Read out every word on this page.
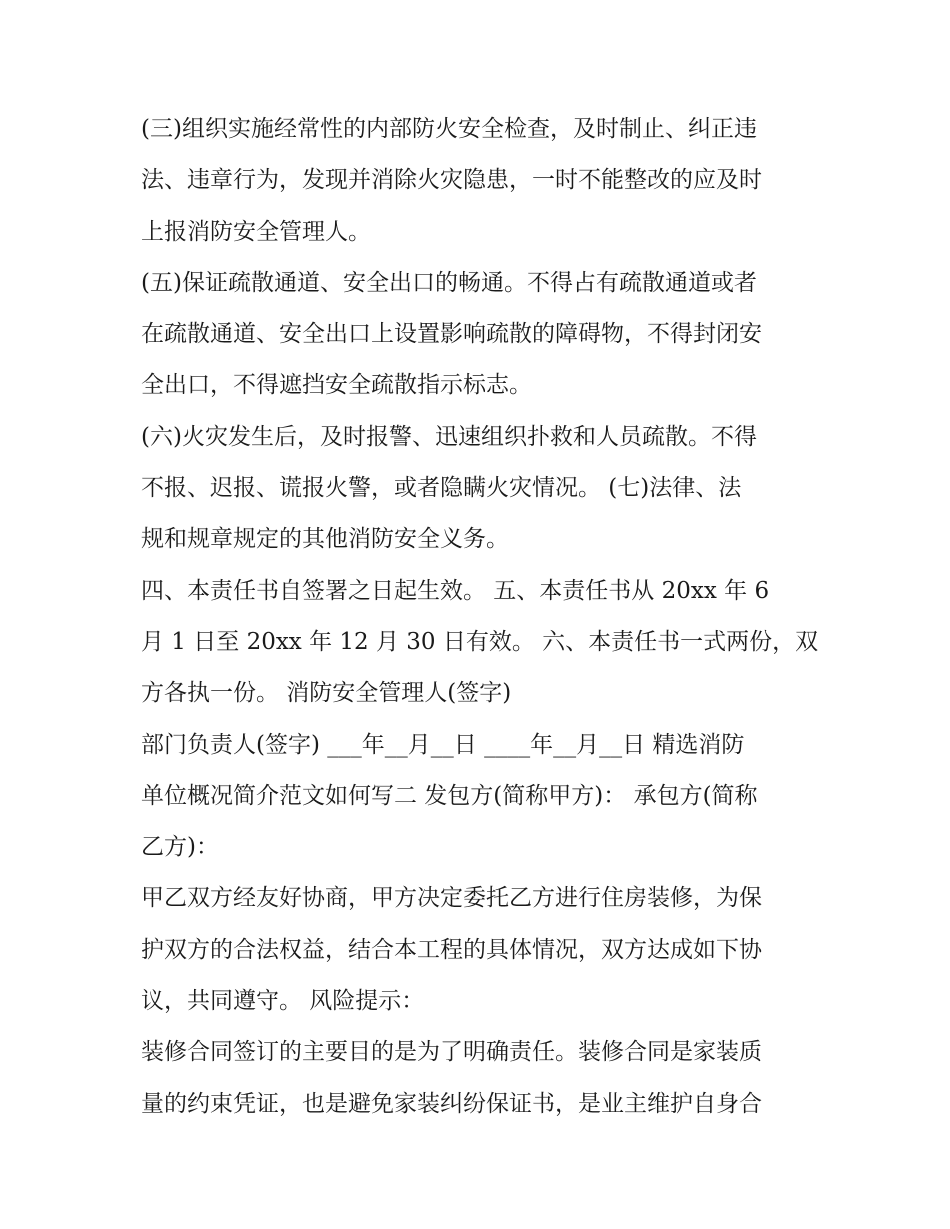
(三)组织实施经常性的内部防火安全检查，及时制止、纠正违
法、违章行为，发现并消除火灾隐患，一时不能整改的应及时
上报消防安全管理人。
(五)保证疏散通道、安全出口的畅通。不得占有疏散通道或者
在疏散通道、安全出口上设置影响疏散的障碍物，不得封闭安
全出口，不得遮挡安全疏散指示标志。
(六)火灾发生后，及时报警、迅速组织扑救和人员疏散。不得
不报、迟报、谎报火警，或者隐瞒火灾情况。 (七)法律、法
规和规章规定的其他消防安全义务。
四、本责任书自签署之日起生效。 五、本责任书从 20xx 年 6
月 1 日至 20xx 年 12 月 30 日有效。 六、本责任书一式两份，双
方各执一份。 消防安全管理人(签字)
部门负责人(签字) ___年__月__日 ____年__月__日 精选消防
单位概况简介范文如何写二 发包方(简称甲方)： 承包方(简称
乙方)：
甲乙双方经友好协商，甲方决定委托乙方进行住房装修，为保
护双方的合法权益，结合本工程的具体情况，双方达成如下协
议，共同遵守。 风险提示：
装修合同签订的主要目的是为了明确责任。装修合同是家装质
量的约束凭证，也是避免家装纠纷保证书，是业主维护自身合
